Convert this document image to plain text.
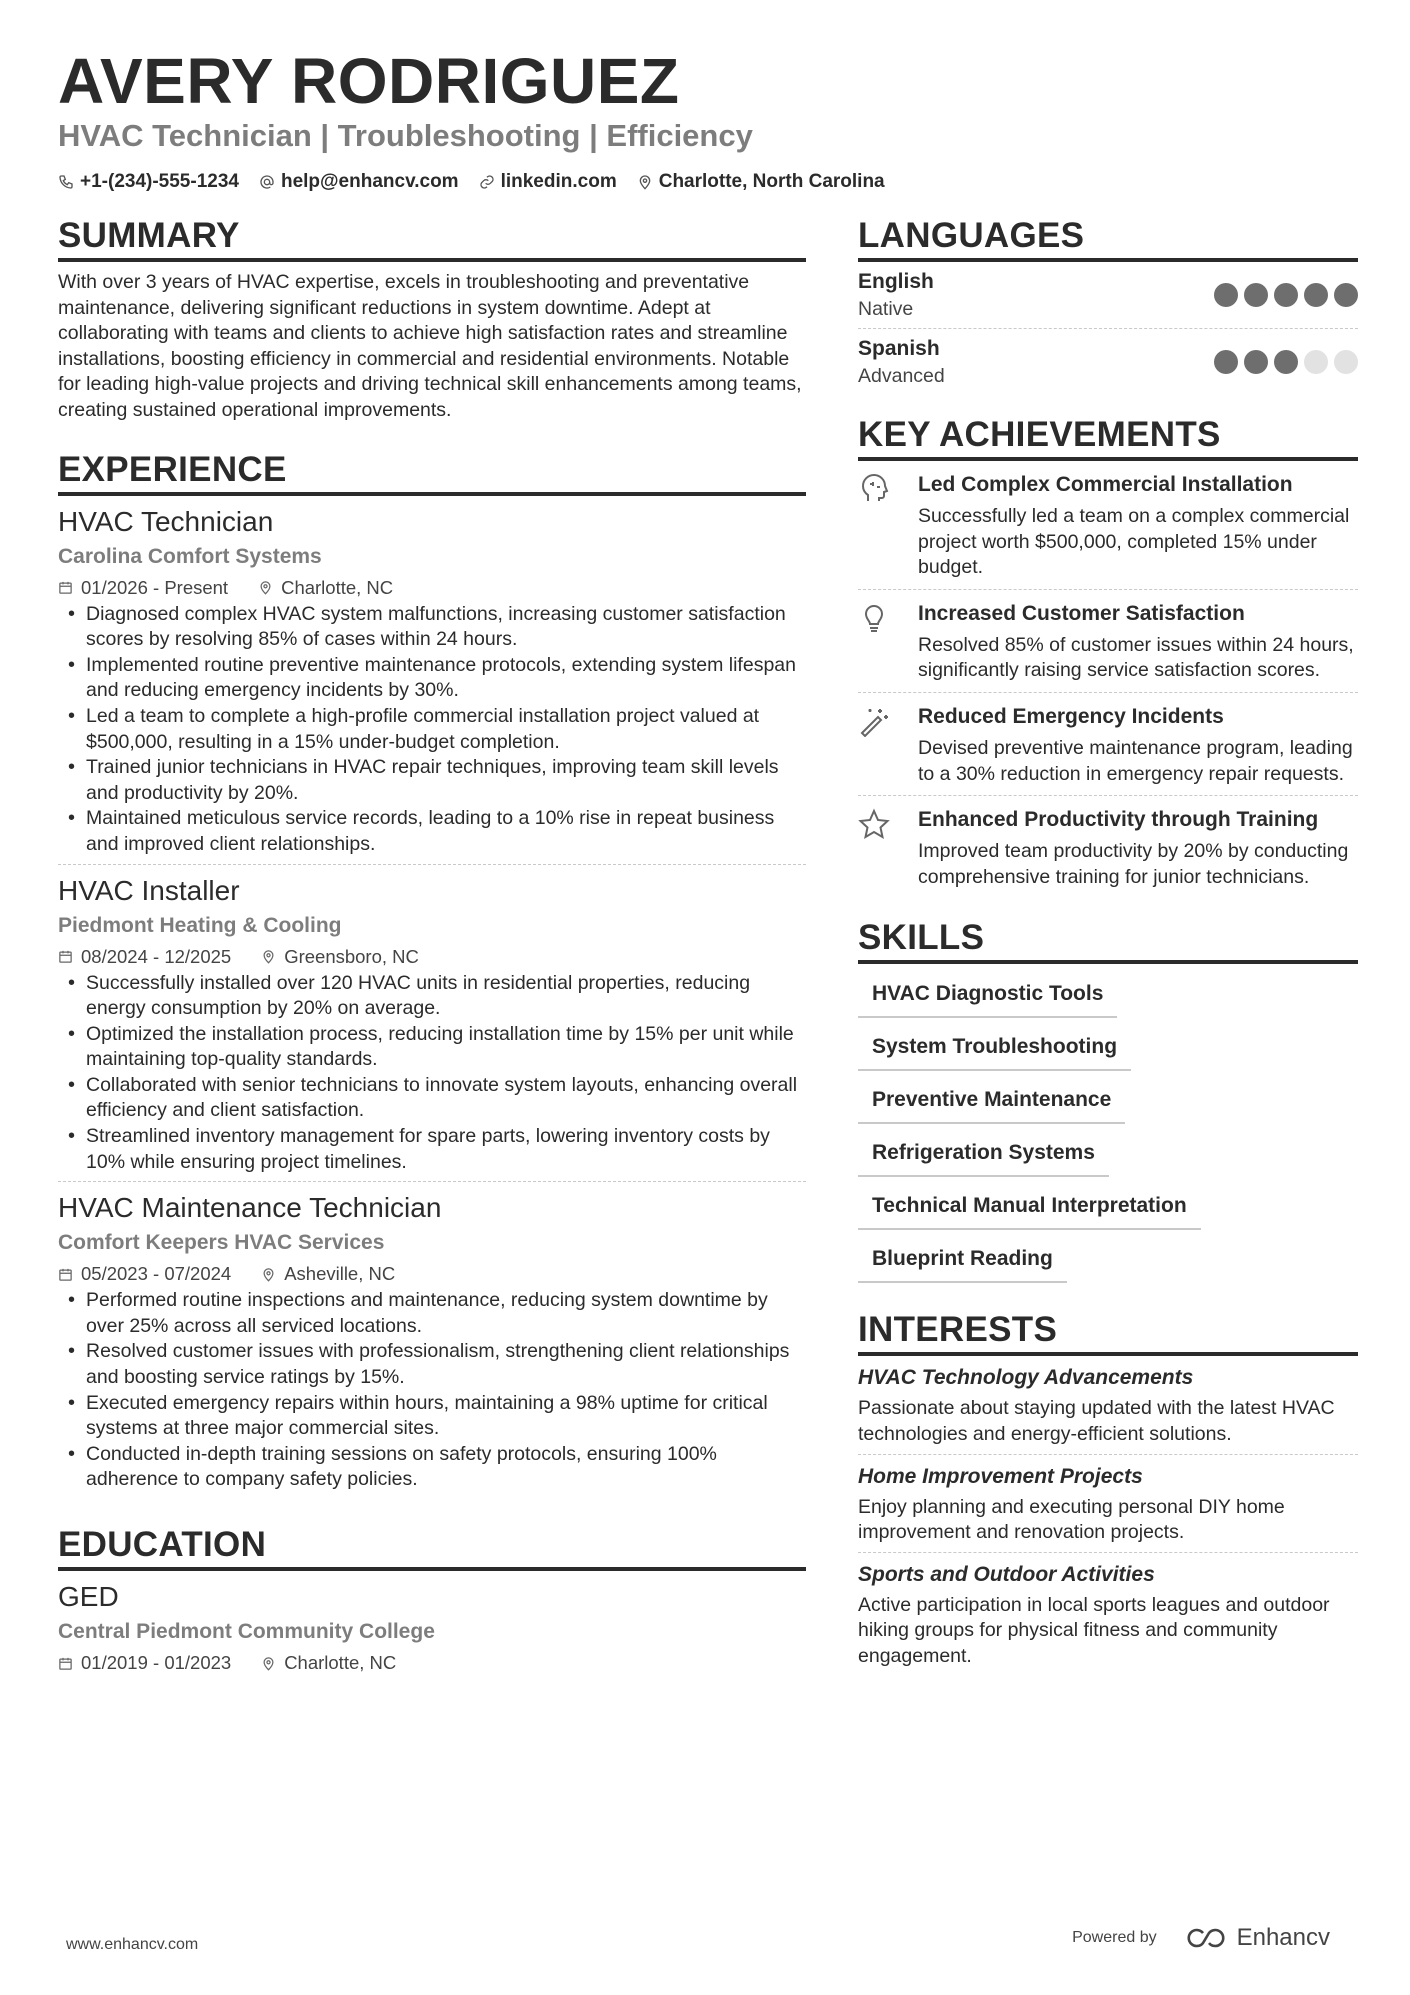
AVERY RODRIGUEZ
HVAC Technician | Troubleshooting | Efficiency
+1-(234)-555-1234 help@enhancv.com linkedin.com Charlotte, North Carolina
SUMMARY
With over 3 years of HVAC expertise, excels in troubleshooting and preventative maintenance, delivering significant reductions in system downtime. Adept at collaborating with teams and clients to achieve high satisfaction rates and streamline installations, boosting efficiency in commercial and residential environments. Notable for leading high-value projects and driving technical skill enhancements among teams, creating sustained operational improvements.
EXPERIENCE
HVAC Technician
Carolina Comfort Systems
01/2026 - Present	Charlotte, NC
• Diagnosed complex HVAC system malfunctions, increasing customer satisfaction scores by resolving 85% of cases within 24 hours.
• Implemented routine preventive maintenance protocols, extending system lifespan and reducing emergency incidents by 30%.
• Led a team to complete a high-profile commercial installation project valued at $500,000, resulting in a 15% under-budget completion.
• Trained junior technicians in HVAC repair techniques, improving team skill levels and productivity by 20%.
• Maintained meticulous service records, leading to a 10% rise in repeat business and improved client relationships.
HVAC Installer
Piedmont Heating & Cooling
08/2024 - 12/2025	Greensboro, NC
• Successfully installed over 120 HVAC units in residential properties, reducing energy consumption by 20% on average.
• Optimized the installation process, reducing installation time by 15% per unit while maintaining top-quality standards.
• Collaborated with senior technicians to innovate system layouts, enhancing overall efficiency and client satisfaction.
• Streamlined inventory management for spare parts, lowering inventory costs by 10% while ensuring project timelines.
HVAC Maintenance Technician
Comfort Keepers HVAC Services
05/2023 - 07/2024	Asheville, NC
• Performed routine inspections and maintenance, reducing system downtime by over 25% across all serviced locations.
• Resolved customer issues with professionalism, strengthening client relationships and boosting service ratings by 15%.
• Executed emergency repairs within hours, maintaining a 98% uptime for critical systems at three major commercial sites.
• Conducted in-depth training sessions on safety protocols, ensuring 100% adherence to company safety policies.
EDUCATION
GED
Central Piedmont Community College
01/2019 - 01/2023	Charlotte, NC
LANGUAGES
English
Native
Spanish
Advanced
KEY ACHIEVEMENTS
Led Complex Commercial Installation
Successfully led a team on a complex commercial project worth $500,000, completed 15% under budget.
Increased Customer Satisfaction
Resolved 85% of customer issues within 24 hours, significantly raising service satisfaction scores.
Reduced Emergency Incidents
Devised preventive maintenance program, leading to a 30% reduction in emergency repair requests.
Enhanced Productivity through Training
Improved team productivity by 20% by conducting comprehensive training for junior technicians.
SKILLS
HVAC Diagnostic Tools
System Troubleshooting
Preventive Maintenance
Refrigeration Systems
Technical Manual Interpretation
Blueprint Reading
INTERESTS
HVAC Technology Advancements
Passionate about staying updated with the latest HVAC technologies and energy-efficient solutions.
Home Improvement Projects
Enjoy planning and executing personal DIY home improvement and renovation projects.
Sports and Outdoor Activities
Active participation in local sports leagues and outdoor hiking groups for physical fitness and community engagement.
www.enhancv.com	Powered by	Enhancv
